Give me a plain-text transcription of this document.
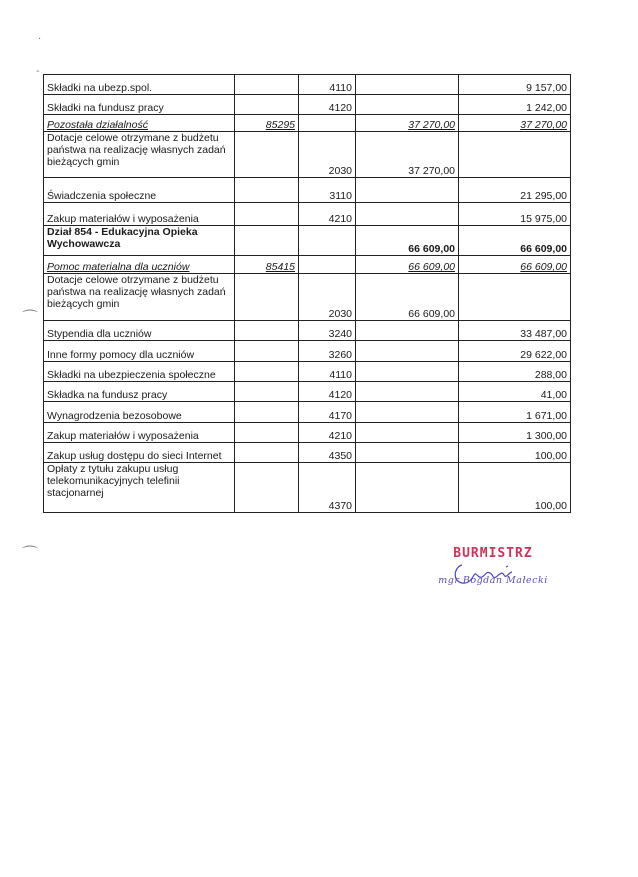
·
-
⌒
⌒
Składki na ubezp.spol.		4110		9 157,00
Składki na fundusz pracy		4120		1 242,00
Pozostała działalność	85295		37 270,00	37 270,00
Dotacje celowe otrzymane z budżetu państwa na realizację własnych zadań bieżących gmin		2030	37 270,00	
Świadczenia społeczne		3110		21 295,00
Zakup materiałów i wyposażenia		4210		15 975,00
Dział 854 - Edukacyjna Opieka Wychowawcza			66 609,00	66 609,00
Pomoc materialna dla uczniów	85415		66 609,00	66 609,00
Dotacje celowe otrzymane z budżetu państwa na realizację własnych zadań bieżących gmin		2030	66 609,00	
Stypendia dla uczniów		3240		33 487,00
Inne formy pomocy dla uczniów		3260		29 622,00
Składki na ubezpieczenia społeczne		4110		288,00
Składka na fundusz pracy		4120		41,00
Wynagrodzenia bezosobowe		4170		1 671,00
Zakup materiałów i wyposażenia		4210		1 300,00
Zakup usług dostępu do sieci Internet		4350		100,00
Opłaty z tytułu zakupu usług telekomunikacyjnych telefinii stacjonarnej		4370		100,00
BURMISTRZ
mgr Bogdan Małecki
